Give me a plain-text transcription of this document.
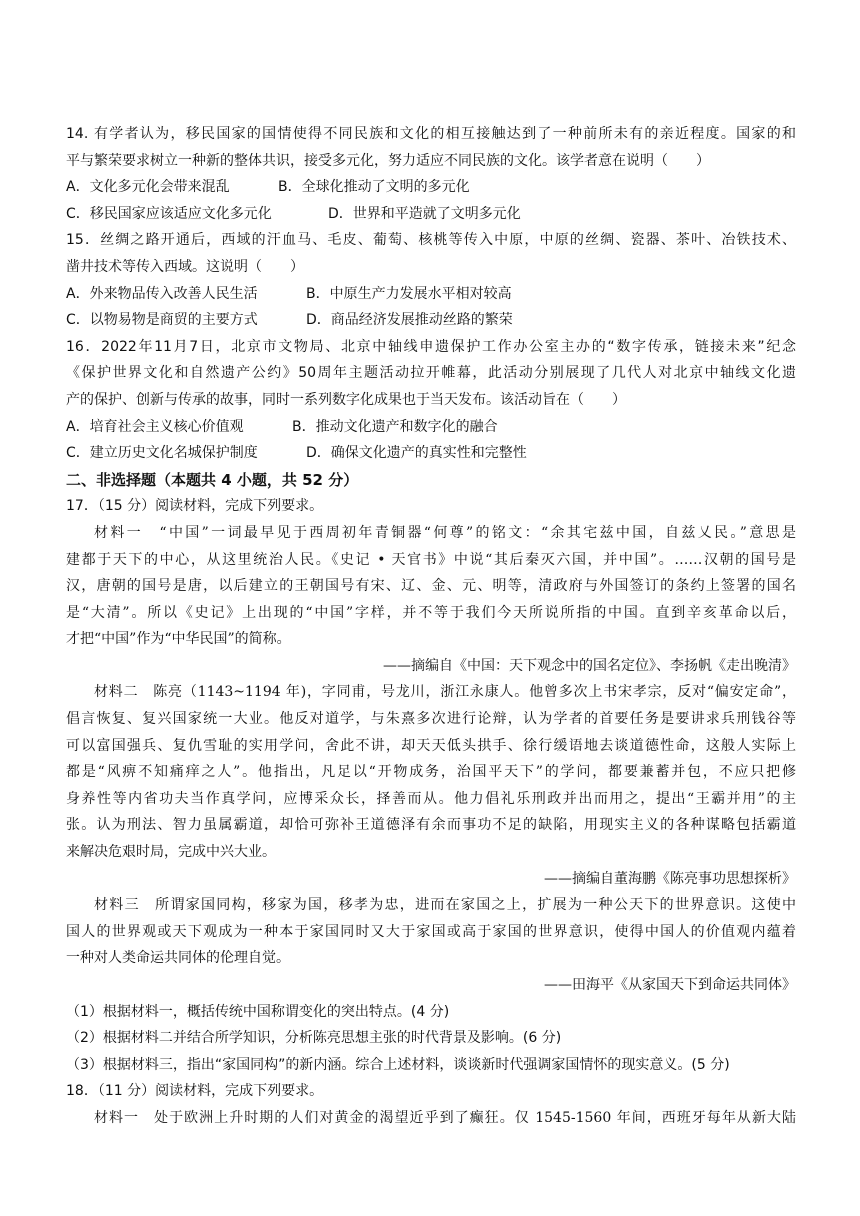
14. 有学者认为，移民国家的国情使得不同民族和文化的相互接触达到了一种前所未有的亲近程度。国家的和
平与繁荣要求树立一种新的整体共识，接受多元化，努力适应不同民族的文化。该学者意在说明（　　）
A．文化多元化会带来混乱	B．全球化推动了文明的多元化
C．移民国家应该适应文化多元化	D．世界和平造就了文明多元化
15．丝绸之路开通后，西域的汗血马、毛皮、葡萄、核桃等传入中原，中原的丝绸、瓷器、茶叶、冶铁技术、
凿井技术等传入西域。这说明（　　）
A．外来物品传入改善人民生活	B．中原生产力发展水平相对较高
C．以物易物是商贸的主要方式	D．商品经济发展推动丝路的繁荣
16．2022年11月7日，北京市文物局、北京中轴线申遗保护工作办公室主办的“数字传承，链接未来”纪念
《保护世界文化和自然遗产公约》50周年主题活动拉开帷幕，此活动分别展现了几代人对北京中轴线文化遗
产的保护、创新与传承的故事，同时一系列数字化成果也于当天发布。该活动旨在（　　）
A．培育社会主义核心价值观	B．推动文化遗产和数字化的融合
C．建立历史文化名城保护制度	D．确保文化遗产的真实性和完整性
二、非选择题（本题共 4 小题，共 52 分）
17．（15 分）阅读材料，完成下列要求。
材料一　“中国”一词最早见于西周初年青铜器“何尊”的铭文：“余其宅兹中国，自兹乂民。”意思是
建都于天下的中心，从这里统治人民。《史记 • 天官书》中说“其后秦灭六国，并中国”。……汉朝的国号是
汉，唐朝的国号是唐，以后建立的王朝国号有宋、辽、金、元、明等，清政府与外国签订的条约上签署的国名
是“大清”。所以《史记》上出现的“中国”字样，并不等于我们今天所说所指的中国。直到辛亥革命以后，
才把“中国”作为“中华民国”的简称。
——摘编自《中国：天下观念中的国名定位》、李扬帆《走出晚清》
材料二　陈亮（1143~1194 年)，字同甫，号龙川，浙江永康人。他曾多次上书宋孝宗，反对“偏安定命”，
倡言恢复、复兴国家统一大业。他反对道学，与朱熹多次进行论辩，认为学者的首要任务是要讲求兵刑钱谷等
可以富国强兵、复仇雪耻的实用学问，舍此不讲，却天天低头拱手、徐行缓语地去谈道德性命，这般人实际上
都是“风痹不知痛痒之人”。他指出，凡足以“开物成务，治国平天下”的学问，都要兼蓄并包，不应只把修
身养性等内省功夫当作真学问，应博采众长，择善而从。他力倡礼乐刑政并出而用之，提出“王霸并用”的主
张。认为刑法、智力虽属霸道，却恰可弥补王道德泽有余而事功不足的缺陷，用现实主义的各种谋略包括霸道
来解决危艰时局，完成中兴大业。
——摘编自董海鹏《陈亮事功思想探析》
材料三　所谓家国同构，移家为国，移孝为忠，进而在家国之上，扩展为一种公天下的世界意识。这使中
国人的世界观或天下观成为一种本于家国同时又大于家国或高于家国的世界意识，使得中国人的价值观内蕴着
一种对人类命运共同体的伦理自觉。
——田海平《从家国天下到命运共同体》
（1）根据材料一，概括传统中国称谓变化的突出特点。(4 分)
（2）根据材料二并结合所学知识，分析陈亮思想主张的时代背景及影响。(6 分)
（3）根据材料三，指出“家国同构”的新内涵。综合上述材料，谈谈新时代强调家国情怀的现实意义。(5 分)
18．（11 分）阅读材料，完成下列要求。
材料一　处于欧洲上升时期的人们对黄金的渴望近乎到了癫狂。仅 1545-1560 年间，西班牙每年从新大陆
